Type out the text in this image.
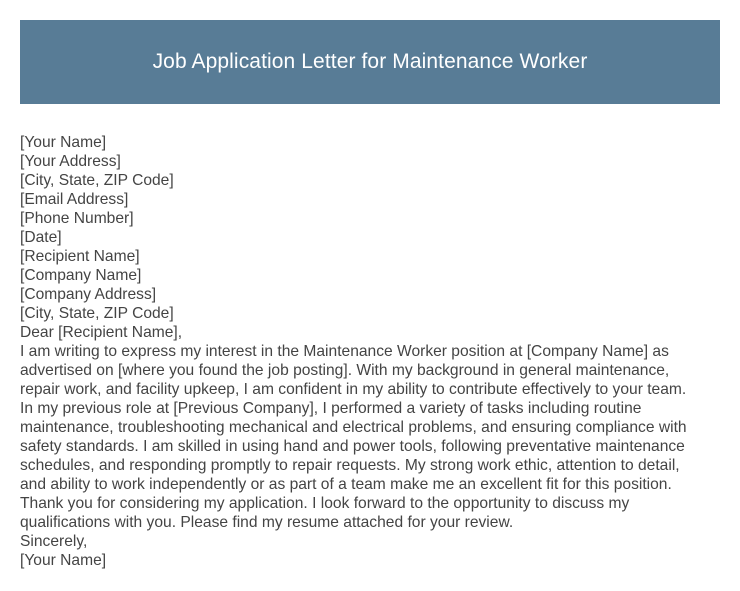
Job Application Letter for Maintenance Worker
[Your Name]
[Your Address]
[City, State, ZIP Code]
[Email Address]
[Phone Number]
[Date]
[Recipient Name]
[Company Name]
[Company Address]
[City, State, ZIP Code]
Dear [Recipient Name],
I am writing to express my interest in the Maintenance Worker position at [Company Name] as
advertised on [where you found the job posting]. With my background in general maintenance,
repair work, and facility upkeep, I am confident in my ability to contribute effectively to your team.
In my previous role at [Previous Company], I performed a variety of tasks including routine
maintenance, troubleshooting mechanical and electrical problems, and ensuring compliance with
safety standards. I am skilled in using hand and power tools, following preventative maintenance
schedules, and responding promptly to repair requests. My strong work ethic, attention to detail,
and ability to work independently or as part of a team make me an excellent fit for this position.
Thank you for considering my application. I look forward to the opportunity to discuss my
qualifications with you. Please find my resume attached for your review.
Sincerely,
[Your Name]
